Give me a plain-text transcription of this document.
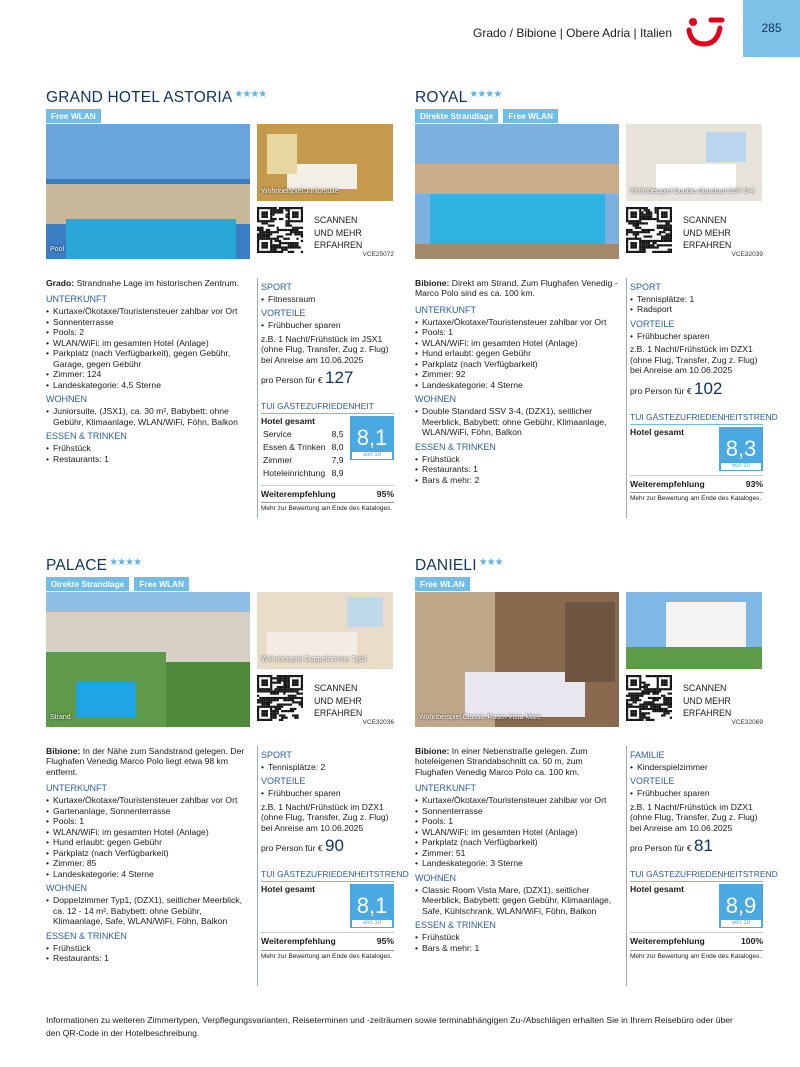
Grado / Bibione | Obere Adria | Italien	285
GRAND HOTEL ASTORIA ★★★★
Free WLAN
Pool
Wohnbeispiel Juniorsuite
SCANNEN
UND MEHR
ERFAHREN
VCE25072
Grado: Strandnahe Lage im historischen Zentrum.
UNTERKUNFT
• Kurtaxe/Ökotaxe/Touristensteuer zahlbar vor Ort
• Sonnenterrasse
• Pools: 2
• WLAN/WiFi: im gesamten Hotel (Anlage)
• Parkplatz (nach Verfügbarkeit), gegen Gebühr, Garage, gegen Gebühr
• Zimmer: 124
• Landeskategorie: 4,5 Sterne
WOHNEN
• Juniorsuite, (JSX1), ca. 30 m², Babybett: ohne Gebühr, Klimaanlage, WLAN/WiFi, Föhn, Balkon
ESSEN & TRINKEN
• Frühstück
• Restaurants: 1
SPORT
• Fitnessraum
VORTEILE
• Frühbucher sparen
z.B. 1 Nacht/Frühstück im JSX1 (ohne Flug, Transfer, Zug z. Flug) bei Anreise am 10.06.2025
pro Person für € 127
TUI GÄSTEZUFRIEDENHEIT
Hotel gesamt
Service	8,5
Essen & Trinken	8,0
Zimmer	7,9
Hoteleinrichtung	8,9
8,1
von 10
Weiterempfehlung	95%
Mehr zur Bewertung am Ende des Kataloges.
ROYAL ★★★★
Direkte Strandlage	Free WLAN
Wohnbeispiel Double Standard SSV 3-4
SCANNEN
UND MEHR
ERFAHREN
VCE32039
Bibione: Direkt am Strand. Zum Flughafen Venedig - Marco Polo sind es ca. 100 km.
UNTERKUNFT
• Kurtaxe/Ökotaxe/Touristensteuer zahlbar vor Ort
• Pools: 1
• WLAN/WiFi: im gesamten Hotel (Anlage)
• Hund erlaubt: gegen Gebühr
• Parkplatz (nach Verfügbarkeit)
• Zimmer: 92
• Landeskategorie: 4 Sterne
WOHNEN
• Double Standard SSV 3-4, (DZX1), seitlicher Meerblick, Babybett: ohne Gebühr, Klimaanlage, WLAN/WiFi, Föhn, Balkon
ESSEN & TRINKEN
• Frühstück
• Restaurants: 1
• Bars & mehr: 2
SPORT
• Tennisplätze: 1
• Radsport
VORTEILE
• Frühbucher sparen
z.B. 1 Nacht/Frühstück im DZX1 (ohne Flug, Transfer, Zug z. Flug) bei Anreise am 10.06.2025
pro Person für € 102
TUI GÄSTEZUFRIEDENHEITSTREND
Hotel gesamt
8,3
von 10
Weiterempfehlung	93%
Mehr zur Bewertung am Ende des Kataloges.
PALACE ★★★★
Direkte Strandlage	Free WLAN
Strand
Wohnbeispiel Doppelzimmer Typ1
SCANNEN
UND MEHR
ERFAHREN
VCE32036
Bibione: In der Nähe zum Sandstrand gelegen. Der Flughafen Venedig Marco Polo liegt etwa 98 km entfernt.
UNTERKUNFT
• Kurtaxe/Ökotaxe/Touristensteuer zahlbar vor Ort
• Gartenanlage, Sonnenterrasse
• Pools: 1
• WLAN/WiFi: im gesamten Hotel (Anlage)
• Hund erlaubt: gegen Gebühr
• Parkplatz (nach Verfügbarkeit)
• Zimmer: 85
• Landeskategorie: 4 Sterne
WOHNEN
• Doppelzimmer Typ1, (DZX1), seitlicher Meerblick, ca. 12 - 14 m², Babybett: ohne Gebühr, Klimaanlage, Safe, WLAN/WiFi, Föhn, Balkon
ESSEN & TRINKEN
• Frühstück
• Restaurants: 1
SPORT
• Tennisplätze: 2
VORTEILE
• Frühbucher sparen
z.B. 1 Nacht/Frühstück im DZX1 (ohne Flug, Transfer, Zug z. Flug) bei Anreise am 10.06.2025
pro Person für € 90
TUI GÄSTEZUFRIEDENHEITSTREND
Hotel gesamt
8,1
von 10
Weiterempfehlung	95%
Mehr zur Bewertung am Ende des Kataloges.
DANIELI ★★★
Free WLAN
Wohnbeispiel Classic Room Vista Mare
SCANNEN
UND MEHR
ERFAHREN
VCE32069
Bibione: In einer Nebenstraße gelegen. Zum hoteleigenen Strandabschnitt ca. 50 m, zum Flughafen Venedig Marco Polo ca. 100 km.
UNTERKUNFT
• Kurtaxe/Ökotaxe/Touristensteuer zahlbar vor Ort
• Sonnenterrasse
• Pools: 1
• WLAN/WiFi: im gesamten Hotel (Anlage)
• Parkplatz (nach Verfügbarkeit)
• Zimmer: 51
• Landeskategorie: 3 Sterne
WOHNEN
• Classic Room Vista Mare, (DZX1), seitlicher Meerblick, Babybett: gegen Gebühr, Klimaanlage, Safe, Kühlschrank, WLAN/WiFi, Föhn, Balkon
ESSEN & TRINKEN
• Frühstück
• Bars & mehr: 1
FAMILIE
• Kinderspielzimmer
VORTEILE
• Frühbucher sparen
z.B. 1 Nacht/Frühstück im DZX1 (ohne Flug, Transfer, Zug z. Flug) bei Anreise am 10.06.2025
pro Person für € 81
TUI GÄSTEZUFRIEDENHEITSTREND
Hotel gesamt
8,9
von 10
Weiterempfehlung	100%
Mehr zur Bewertung am Ende des Kataloges.
Informationen zu weiteren Zimmertypen, Verpflegungsvarianten, Reiseterminen und -zeiträumen sowie terminabhängigen Zu-/Abschlägen erhalten Sie in Ihrem Reisebüro oder über den QR-Code in der Hotelbeschreibung.
